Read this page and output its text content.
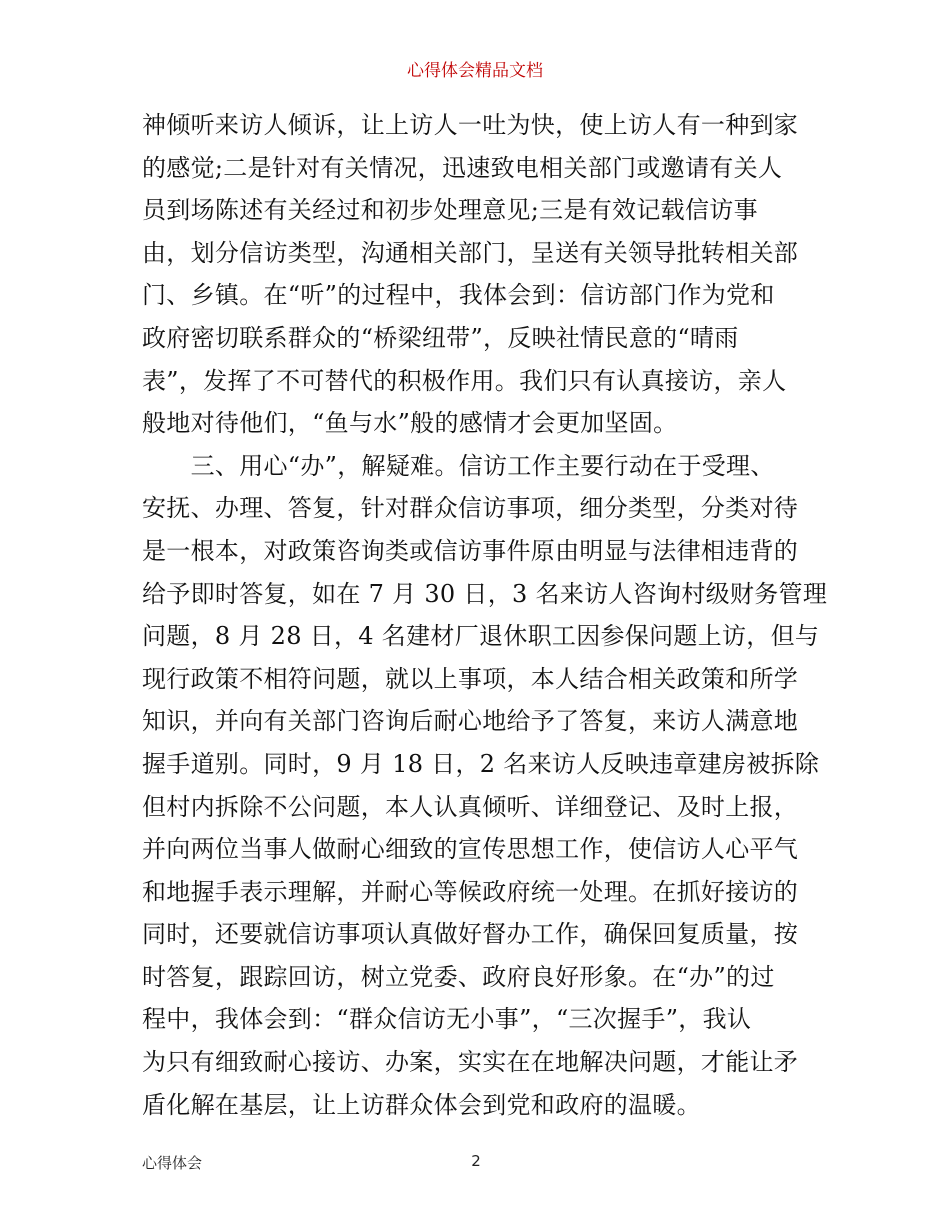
心得体会精品文档
神倾听来访人倾诉，让上访人一吐为快，使上访人有一种到家
的感觉;二是针对有关情况，迅速致电相关部门或邀请有关人
员到场陈述有关经过和初步处理意见;三是有效记载信访事
由，划分信访类型，沟通相关部门，呈送有关领导批转相关部
门、乡镇。在“听”的过程中，我体会到：信访部门作为党和
政府密切联系群众的“桥梁纽带”，反映社情民意的“晴雨
表”，发挥了不可替代的积极作用。我们只有认真接访，亲人
般地对待他们，“鱼与水”般的感情才会更加坚固。
　　三、用心“办”，解疑难。信访工作主要行动在于受理、
安抚、办理、答复，针对群众信访事项，细分类型，分类对待
是一根本，对政策咨询类或信访事件原由明显与法律相违背的
给予即时答复，如在 7 月 30 日，3 名来访人咨询村级财务管理
问题，8 月 28 日，4 名建材厂退休职工因参保问题上访，但与
现行政策不相符问题，就以上事项，本人结合相关政策和所学
知识，并向有关部门咨询后耐心地给予了答复，来访人满意地
握手道别。同时，9 月 18 日，2 名来访人反映违章建房被拆除
但村内拆除不公问题，本人认真倾听、详细登记、及时上报，
并向两位当事人做耐心细致的宣传思想工作，使信访人心平气
和地握手表示理解，并耐心等候政府统一处理。在抓好接访的
同时，还要就信访事项认真做好督办工作，确保回复质量，按
时答复，跟踪回访，树立党委、政府良好形象。在“办”的过
程中，我体会到：“群众信访无小事”，“三次握手”，我认
为只有细致耐心接访、办案，实实在在地解决问题，才能让矛
盾化解在基层，让上访群众体会到党和政府的温暖。
心得体会	2
